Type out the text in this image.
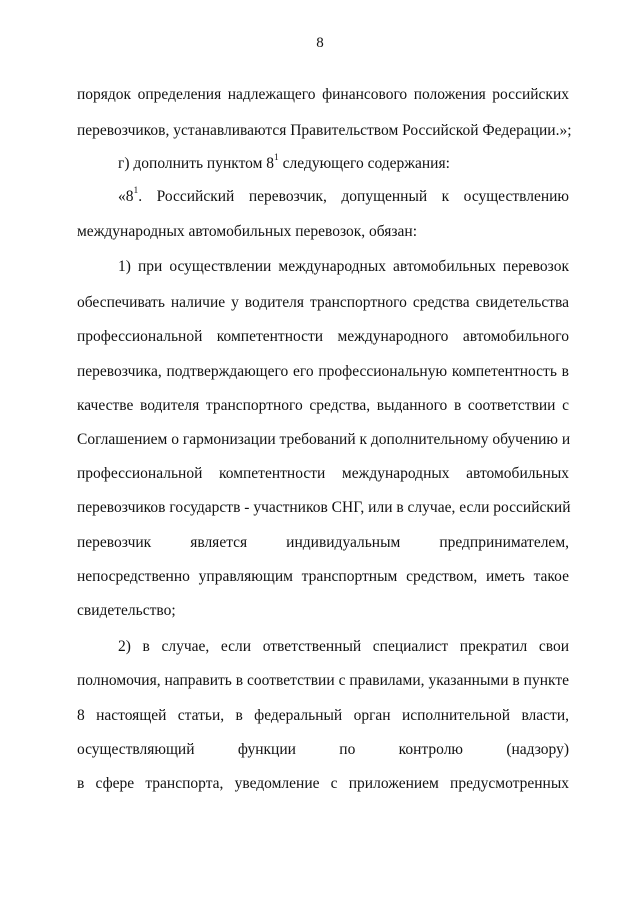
8
порядок определения надлежащего финансового положения российских
перевозчиков, устанавливаются Правительством Российской Федерации.»;
г) дополнить пунктом $8^1$ следующего содержания:
«$8^1$. Российский перевозчик, допущенный к осуществлению
международных автомобильных перевозок, обязан:
1) при осуществлении международных автомобильных перевозок
обеспечивать наличие у водителя транспортного средства свидетельства
профессиональной компетентности международного автомобильного
перевозчика, подтверждающего его профессиональную компетентность в
качестве водителя транспортного средства, выданного в соответствии с
Соглашением о гармонизации требований к дополнительному обучению и
профессиональной компетентности международных автомобильных
перевозчиков государств - участников СНГ, или в случае, если российский
перевозчик является индивидуальным предпринимателем,
непосредственно управляющим транспортным средством, иметь такое
свидетельство;
2) в случае, если ответственный специалист прекратил свои
полномочия, направить в соответствии с правилами, указанными в пункте
8 настоящей статьи, в федеральный орган исполнительной власти,
осуществляющий функции по контролю (надзору)
в сфере транспорта, уведомление с приложением предусмотренных
